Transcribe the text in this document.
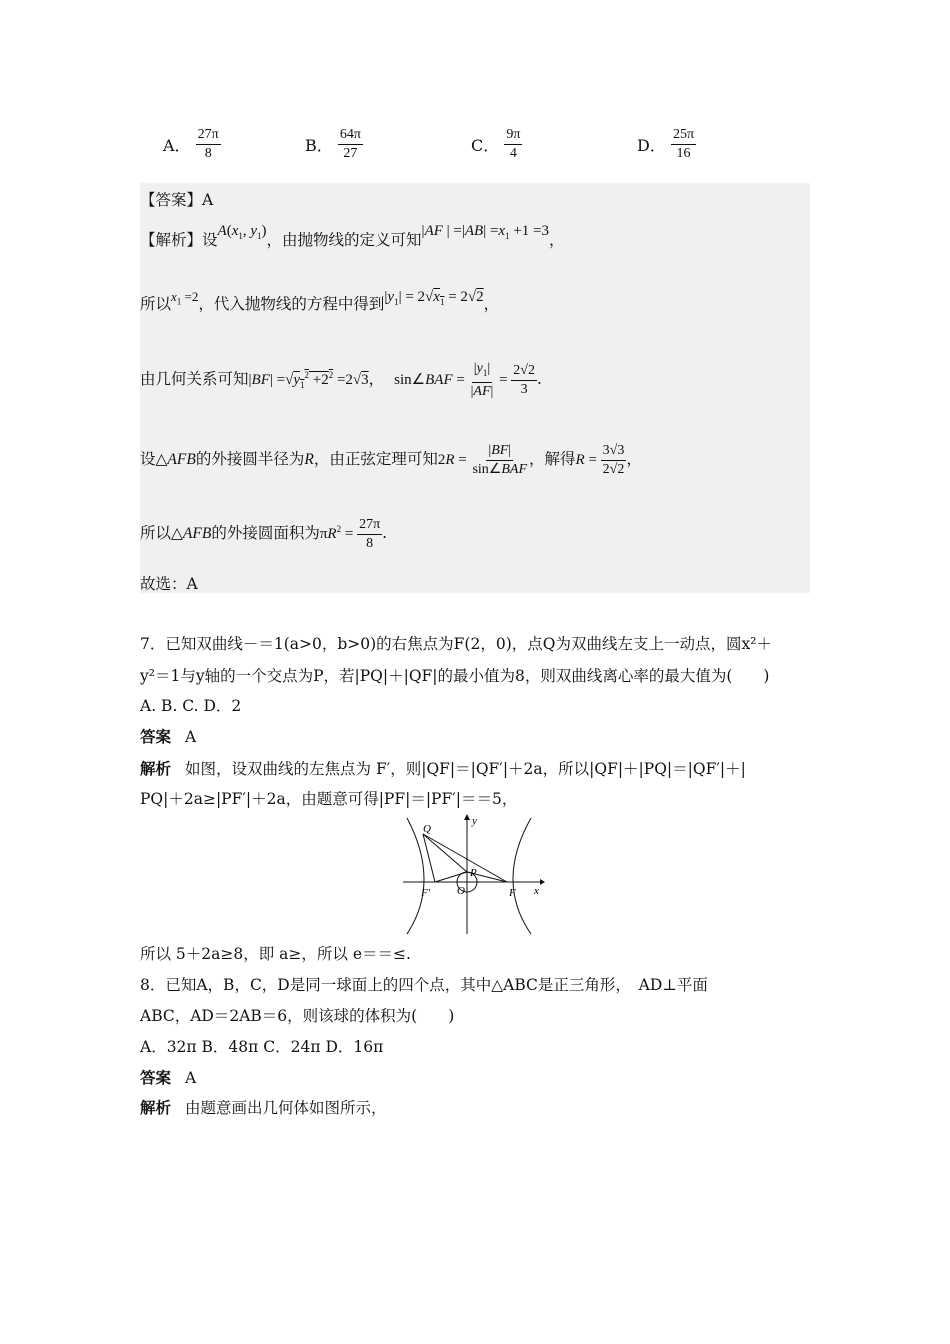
A． $\frac{27\pi}{8}$	B． $\frac{64\pi}{27}$	C． $\frac{9\pi}{4}$	D． $\frac{25\pi}{16}$
【答案】A
【解析】设$A(x_1$, $y_1$)，由抛物线的定义可知|AF | $=|AB| =x_1 +1 =3$，
所以$^{x_1 =2}$，代入抛物线的方程中得到$|y_1| = 2√x_1 = 2√2$，
由几何关系可知$|BF| =√y_1^2 +2^2 =2√3$， sin∠BAF = $\frac{|y_1|}{|AF|} = \frac{2√2}{3}$ .
设△AFB的外接圆半径为R，由正弦定理可知$2R = \frac{|BF|}{\text{sin∠BAF}}$ ，解得$R = \frac{3√3}{2√2}$ ，
所以△AFB的外接圆面积为$\pi R^2 = \frac{27\pi}{8}$ .
故选：A
7．已知双曲线－＝1(a>0，b>0)的右焦点为F(2，0)，点Q为双曲线左支上一动点，圆x²＋
y²＝1与y轴的一个交点为P，若|PQ|＋|QF|的最小值为8，则双曲线离心率的最大值为(　　)
A. B. C. D．2
答案 A
解析 如图，设双曲线的左焦点为 F′，则|QF|＝|QF′|＋2a，所以|QF|＋|PQ|＝|QF′|＋|
PQ|＋2a≥|PF′|＋2a，由题意可得|PF|＝|PF′|＝＝5，
Q
y
P
O
F′	F x
所以 5＋2a≥8，即 a≥，所以 e＝＝≤.
8．已知A，B，C，D是同一球面上的四个点，其中△ABC是正三角形，　AD⊥平面
ABC，AD＝2AB＝6，则该球的体积为(　　)
A．32π B．48π C．24π D．16π
答案 A
解析 由题意画出几何体如图所示，
